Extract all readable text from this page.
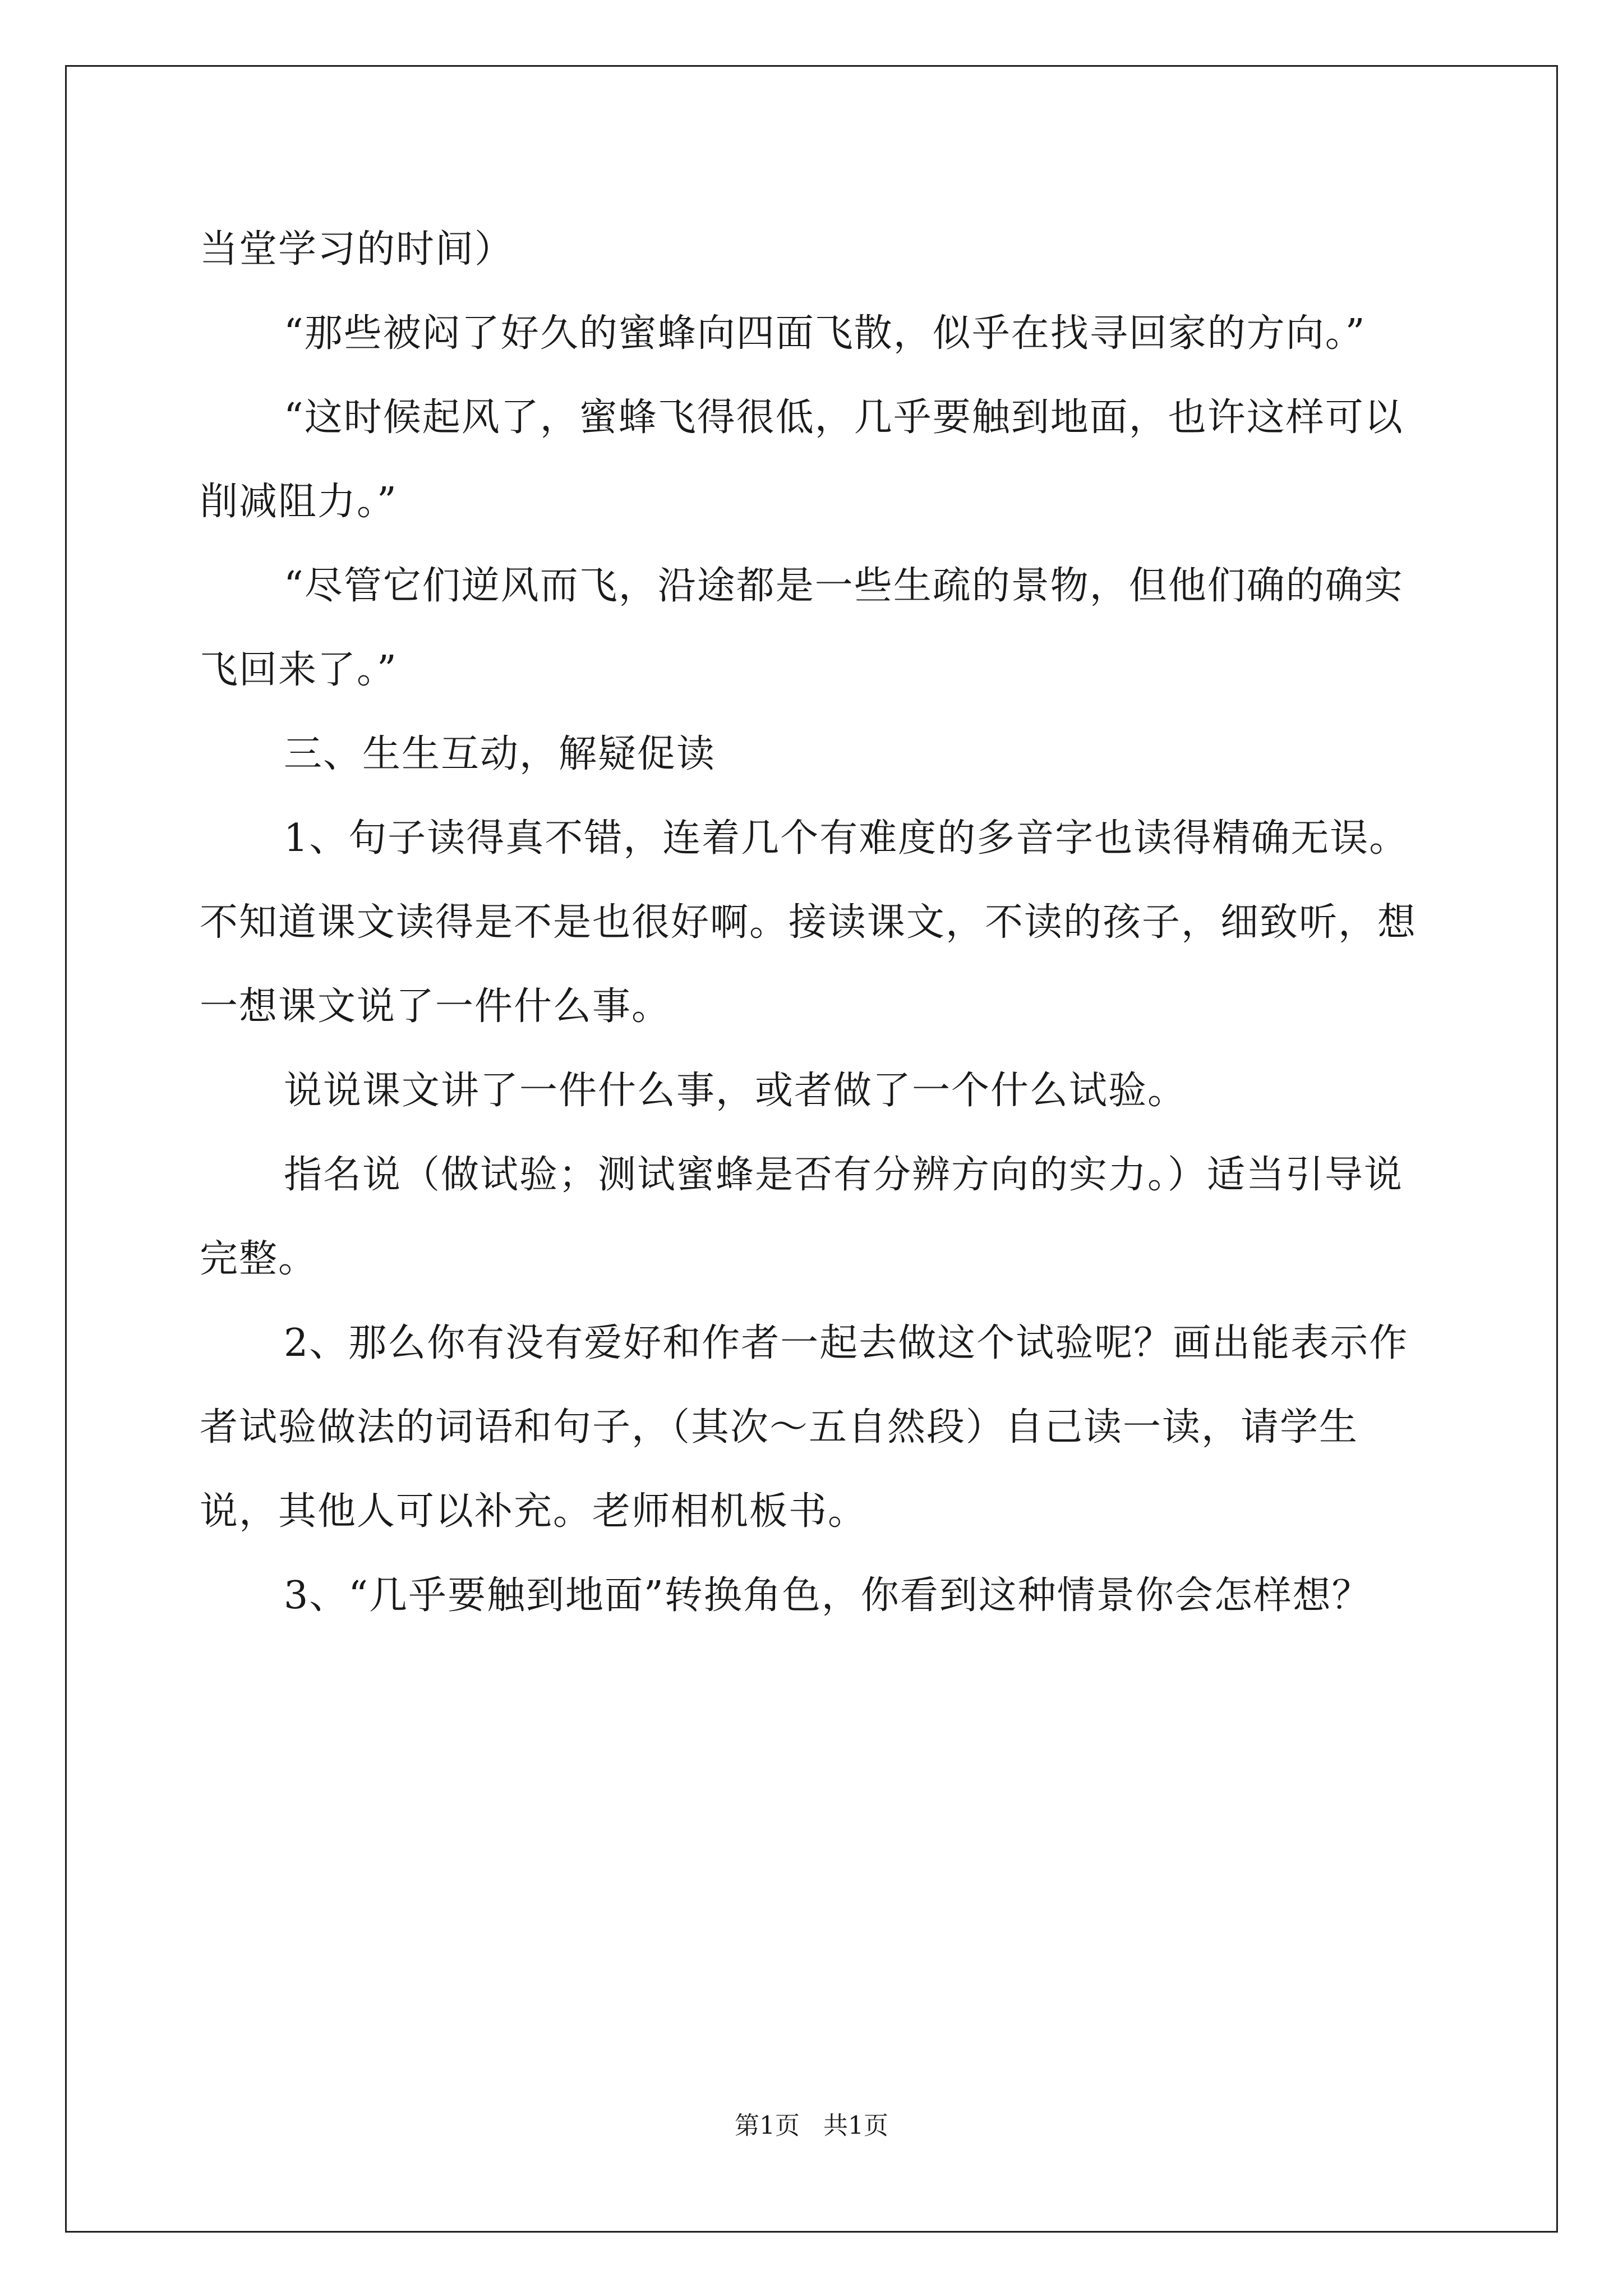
当堂学习的时间）

“那些被闷了好久的蜜蜂向四面飞散，似乎在找寻回家的方向。”

“这时候起风了，蜜蜂飞得很低，几乎要触到地面，也许这样可以削减阻力。”

“尽管它们逆风而飞，沿途都是一些生疏的景物，但他们确的确实飞回来了。”

三、生生互动，解疑促读

1、句子读得真不错，连着几个有难度的多音字也读得精确无误。不知道课文读得是不是也很好啊。接读课文，不读的孩子，细致听，想一想课文说了一件什么事。

说说课文讲了一件什么事，或者做了一个什么试验。

指名说（做试验；测试蜜蜂是否有分辨方向的实力。）适当引导说完整。

2、那么你有没有爱好和作者一起去做这个试验呢？画出能表示作者试验做法的词语和句子，（其次～五自然段）自己读一读，请学生说，其他人可以补充。老师相机板书。

3、“几乎要触到地面”转换角色，你看到这种情景你会怎样想？

第1页   共1页
